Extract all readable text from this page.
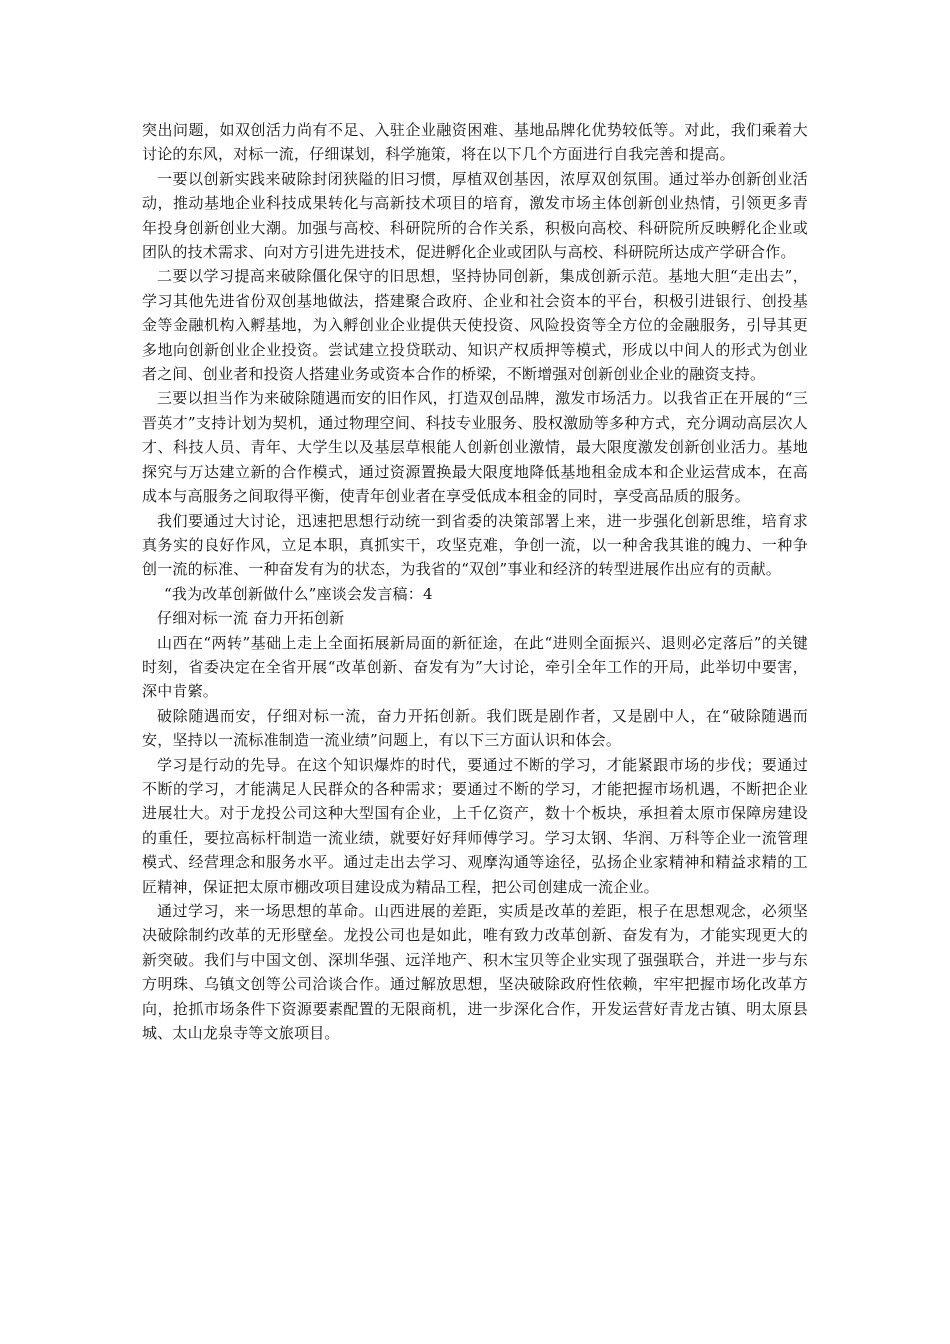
突出问题，如双创活力尚有不足、入驻企业融资困难、基地品牌化优势较低等。对此，我们乘着大讨论的东风，对标一流，仔细谋划，科学施策，将在以下几个方面进行自我完善和提高。

一要以创新实践来破除封闭狭隘的旧习惯，厚植双创基因，浓厚双创氛围。通过举办创新创业活动，推动基地企业科技成果转化与高新技术项目的培育，激发市场主体创新创业热情，引领更多青年投身创新创业大潮。加强与高校、科研院所的合作关系，积极向高校、科研院所反映孵化企业或团队的技术需求、向对方引进先进技术，促进孵化企业或团队与高校、科研院所达成产学研合作。

二要以学习提高来破除僵化保守的旧思想，坚持协同创新，集成创新示范。基地大胆“走出去”，学习其他先进省份双创基地做法，搭建聚合政府、企业和社会资本的平台，积极引进银行、创投基金等金融机构入孵基地，为入孵创业企业提供天使投资、风险投资等全方位的金融服务，引导其更多地向创新创业企业投资。尝试建立投贷联动、知识产权质押等模式，形成以中间人的形式为创业者之间、创业者和投资人搭建业务或资本合作的桥梁，不断增强对创新创业企业的融资支持。

三要以担当作为来破除随遇而安的旧作风，打造双创品牌，激发市场活力。以我省正在开展的“三晋英才”支持计划为契机，通过物理空间、科技专业服务、股权激励等多种方式，充分调动高层次人才、科技人员、青年、大学生以及基层草根能人创新创业激情，最大限度激发创新创业活力。基地探究与万达建立新的合作模式，通过资源置换最大限度地降低基地租金成本和企业运营成本，在高成本与高服务之间取得平衡，使青年创业者在享受低成本租金的同时，享受高品质的服务。

我们要通过大讨论，迅速把思想行动统一到省委的决策部署上来，进一步强化创新思维，培育求真务实的良好作风，立足本职，真抓实干，攻坚克难，争创一流，以一种舍我其谁的魄力、一种争创一流的标准、一种奋发有为的状态，为我省的“双创”事业和经济的转型进展作出应有的贡献。

“我为改革创新做什么”座谈会发言稿：4

仔细对标一流 奋力开拓创新

山西在“两转”基础上走上全面拓展新局面的新征途，在此“进则全面振兴、退则必定落后”的关键时刻，省委决定在全省开展“改革创新、奋发有为”大讨论，牵引全年工作的开局，此举切中要害，深中肯綮。

破除随遇而安，仔细对标一流，奋力开拓创新。我们既是剧作者，又是剧中人，在“破除随遇而安，坚持以一流标准制造一流业绩”问题上，有以下三方面认识和体会。

学习是行动的先导。在这个知识爆炸的时代，要通过不断的学习，才能紧跟市场的步伐；要通过不断的学习，才能满足人民群众的各种需求；要通过不断的学习，才能把握市场机遇，不断把企业进展壮大。对于龙投公司这种大型国有企业，上千亿资产，数十个板块，承担着太原市保障房建设的重任，要拉高标杆制造一流业绩，就要好好拜师傅学习。学习太钢、华润、万科等企业一流管理模式、经营理念和服务水平。通过走出去学习、观摩沟通等途径，弘扬企业家精神和精益求精的工匠精神，保证把太原市棚改项目建设成为精品工程，把公司创建成一流企业。

通过学习，来一场思想的革命。山西进展的差距，实质是改革的差距，根子在思想观念，必须坚决破除制约改革的无形壁垒。龙投公司也是如此，唯有致力改革创新、奋发有为，才能实现更大的新突破。我们与中国文创、深圳华强、远洋地产、积木宝贝等企业实现了强强联合，并进一步与东方明珠、乌镇文创等公司洽谈合作。通过解放思想，坚决破除政府性依赖，牢牢把握市场化改革方向，抢抓市场条件下资源要素配置的无限商机，进一步深化合作，开发运营好青龙古镇、明太原县城、太山龙泉寺等文旅项目。
